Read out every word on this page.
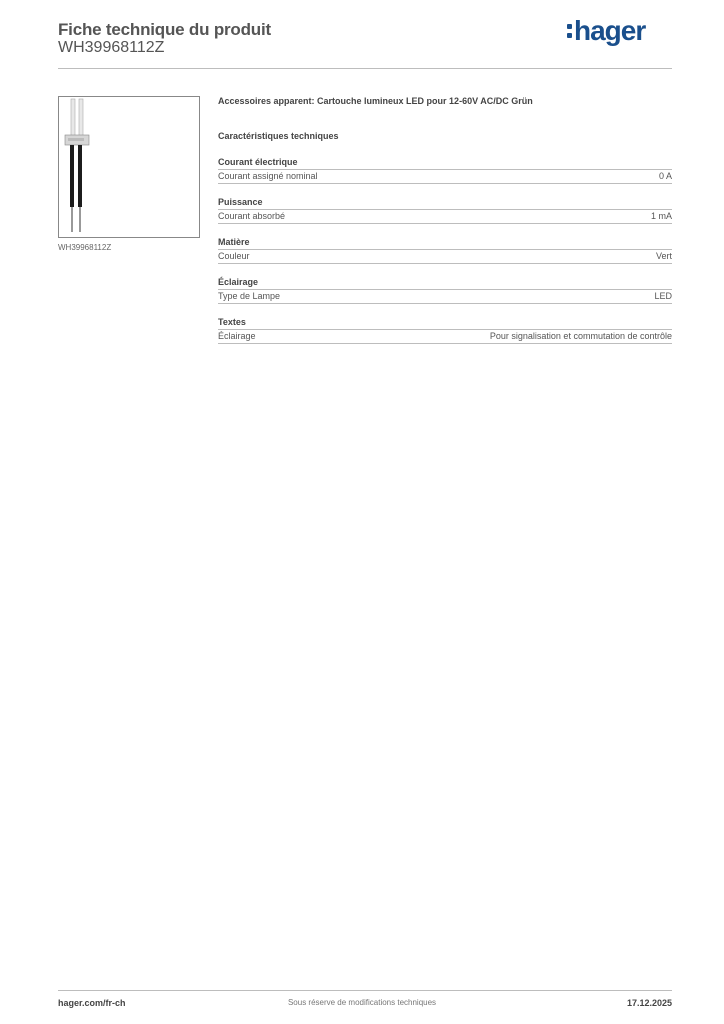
Fiche technique du produit
WH39968112Z
hager
WH39968112Z
Accessoires apparent: Cartouche lumineux LED pour 12-60V AC/DC Grün
Caractéristiques techniques
Courant électrique
Courant assigné nominal	0 A
Puissance
Courant absorbé	1 mA
Matière
Couleur	Vert
Éclairage
Type de Lampe	LED
Textes
Éclairage	Pour signalisation et commutation de contrôle
hager.com/fr-ch	Sous réserve de modifications techniques	17.12.2025
